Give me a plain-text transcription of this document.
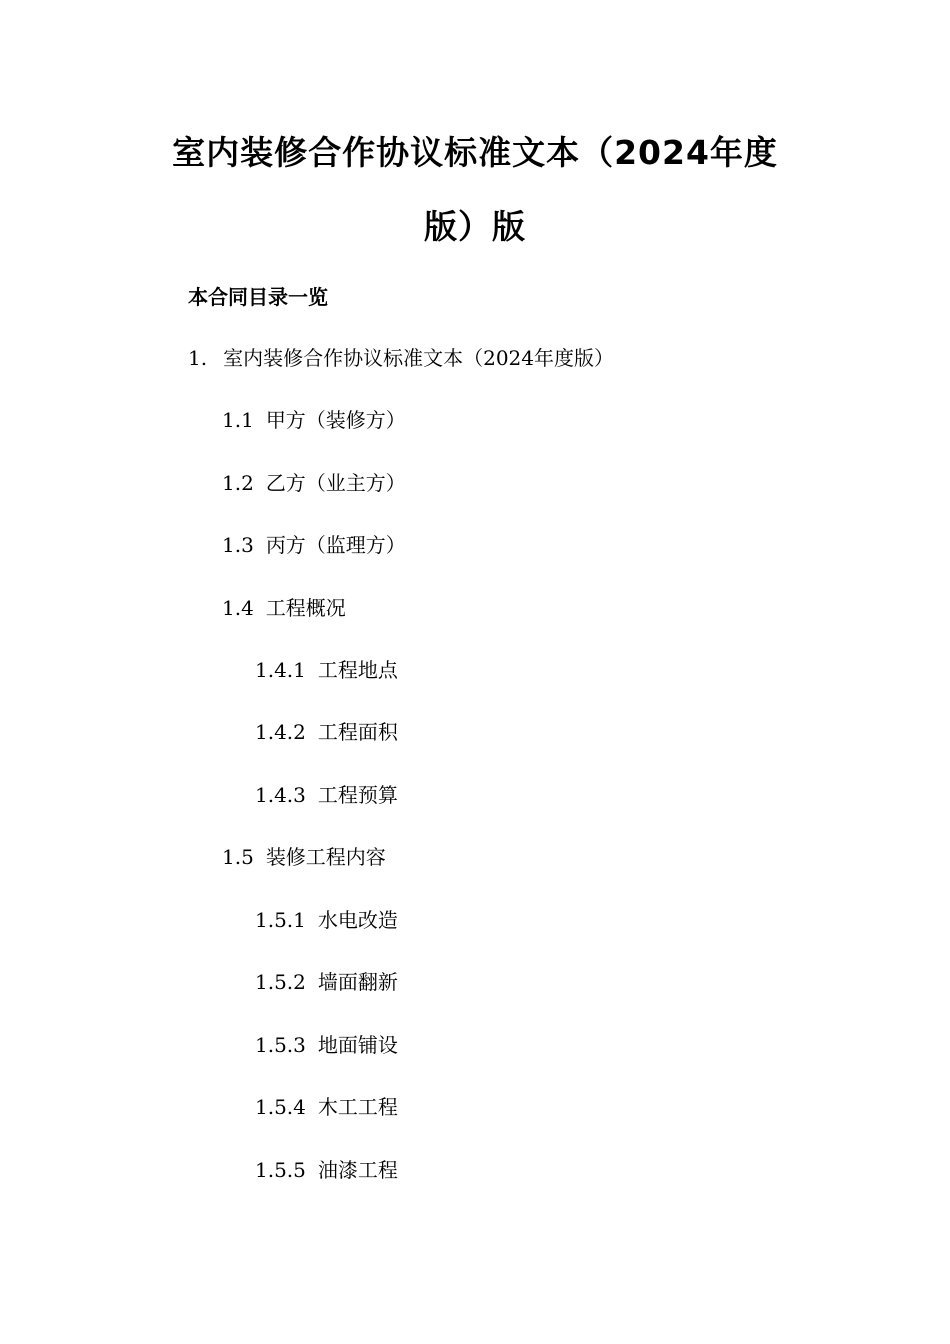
室内装修合作协议标准文本（2024年度
版）版
本合同目录一览
1. 室内装修合作协议标准文本（2024年度版）
1.1 甲方（装修方）
1.2 乙方（业主方）
1.3 丙方（监理方）
1.4 工程概况
1.4.1 工程地点
1.4.2 工程面积
1.4.3 工程预算
1.5 装修工程内容
1.5.1 水电改造
1.5.2 墙面翻新
1.5.3 地面铺设
1.5.4 木工工程
1.5.5 油漆工程
